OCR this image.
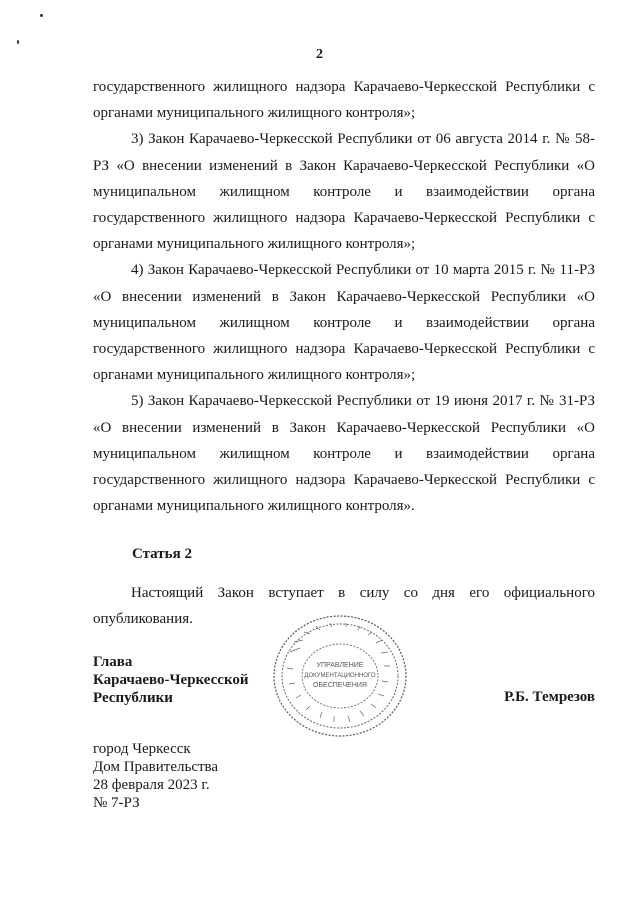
2

государственного жилищного надзора Карачаево-Черкесской Республики с органами муниципального жилищного контроля»;

3) Закон Карачаево-Черкесской Республики от 06 августа 2014 г. № 58-РЗ «О внесении изменений в Закон Карачаево-Черкесской Республики «О муниципальном жилищном контроле и взаимодействии органа государственного жилищного надзора Карачаево-Черкесской Республики с органами муниципального жилищного контроля»;

4) Закон Карачаево-Черкесской Республики от 10 марта 2015 г. № 11-РЗ «О внесении изменений в Закон Карачаево-Черкесской Республики «О муниципальном жилищном контроле и взаимодействии органа государственного жилищного надзора Карачаево-Черкесской Республики с органами муниципального жилищного контроля»;

5) Закон Карачаево-Черкесской Республики от 19 июня 2017 г. № 31-РЗ «О внесении изменений в Закон Карачаево-Черкесской Республики «О муниципальном жилищном контроле и взаимодействии органа государственного жилищного надзора Карачаево-Черкесской Республики с органами муниципального жилищного контроля».

Статья 2

Настоящий Закон вступает в силу со дня его официального опубликования.

УПРАВЛЕНИЕ
ДОКУМЕНТАЦИОННОГО
ОБЕСПЕЧЕНИЯ
Глава
Карачаево-Черкесской
Республики	Р.Б. Темрезов
город Черкесск
Дом Правительства
28 февраля 2023 г.
№ 7-РЗ
